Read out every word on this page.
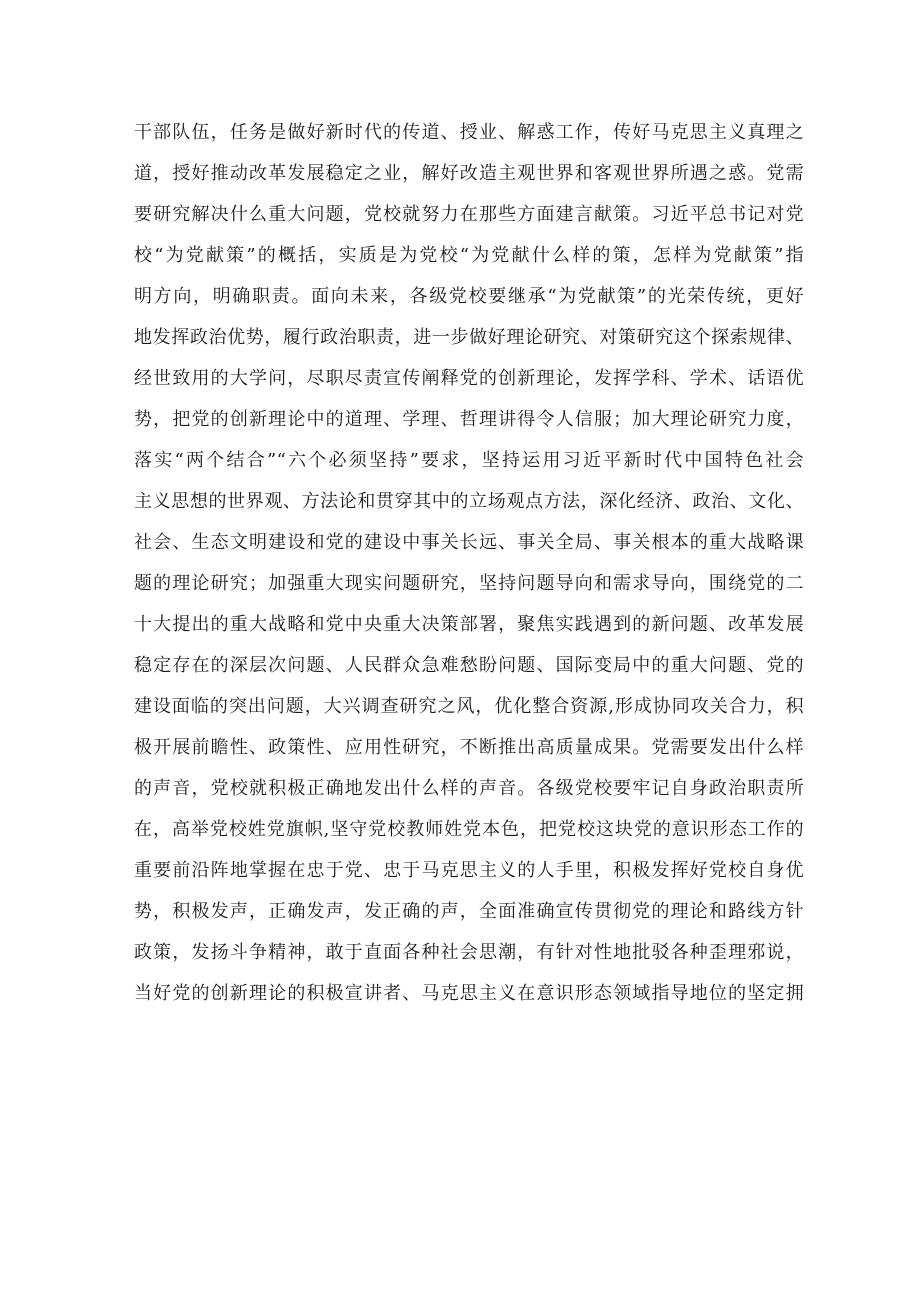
干部队伍，任务是做好新时代的传道、授业、解惑工作，传好马克思主义真理之
道，授好推动改革发展稳定之业，解好改造主观世界和客观世界所遇之惑。党需
要研究解决什么重大问题，党校就努力在那些方面建言献策。习近平总书记对党
校“为党献策”的概括，实质是为党校“为党献什么样的策，怎样为党献策”指
明方向，明确职责。面向未来，各级党校要继承“为党献策”的光荣传统，更好
地发挥政治优势，履行政治职责，进一步做好理论研究、对策研究这个探索规律、
经世致用的大学问，尽职尽责宣传阐释党的创新理论，发挥学科、学术、话语优
势，把党的创新理论中的道理、学理、哲理讲得令人信服；加大理论研究力度，
落实“两个结合”“六个必须坚持”要求，坚持运用习近平新时代中国特色社会
主义思想的世界观、方法论和贯穿其中的立场观点方法，深化经济、政治、文化、
社会、生态文明建设和党的建设中事关长远、事关全局、事关根本的重大战略课
题的理论研究；加强重大现实问题研究，坚持问题导向和需求导向，围绕党的二
十大提出的重大战略和党中央重大决策部署，聚焦实践遇到的新问题、改革发展
稳定存在的深层次问题、人民群众急难愁盼问题、国际变局中的重大问题、党的
建设面临的突出问题，大兴调查研究之风，优化整合资源,形成协同攻关合力，积
极开展前瞻性、政策性、应用性研究，不断推出高质量成果。党需要发出什么样
的声音，党校就积极正确地发出什么样的声音。各级党校要牢记自身政治职责所
在，高举党校姓党旗帜,坚守党校教师姓党本色，把党校这块党的意识形态工作的
重要前沿阵地掌握在忠于党、忠于马克思主义的人手里，积极发挥好党校自身优
势，积极发声，正确发声，发正确的声，全面准确宣传贯彻党的理论和路线方针
政策，发扬斗争精神，敢于直面各种社会思潮，有针对性地批驳各种歪理邪说，
当好党的创新理论的积极宣讲者、马克思主义在意识形态领域指导地位的坚定拥
